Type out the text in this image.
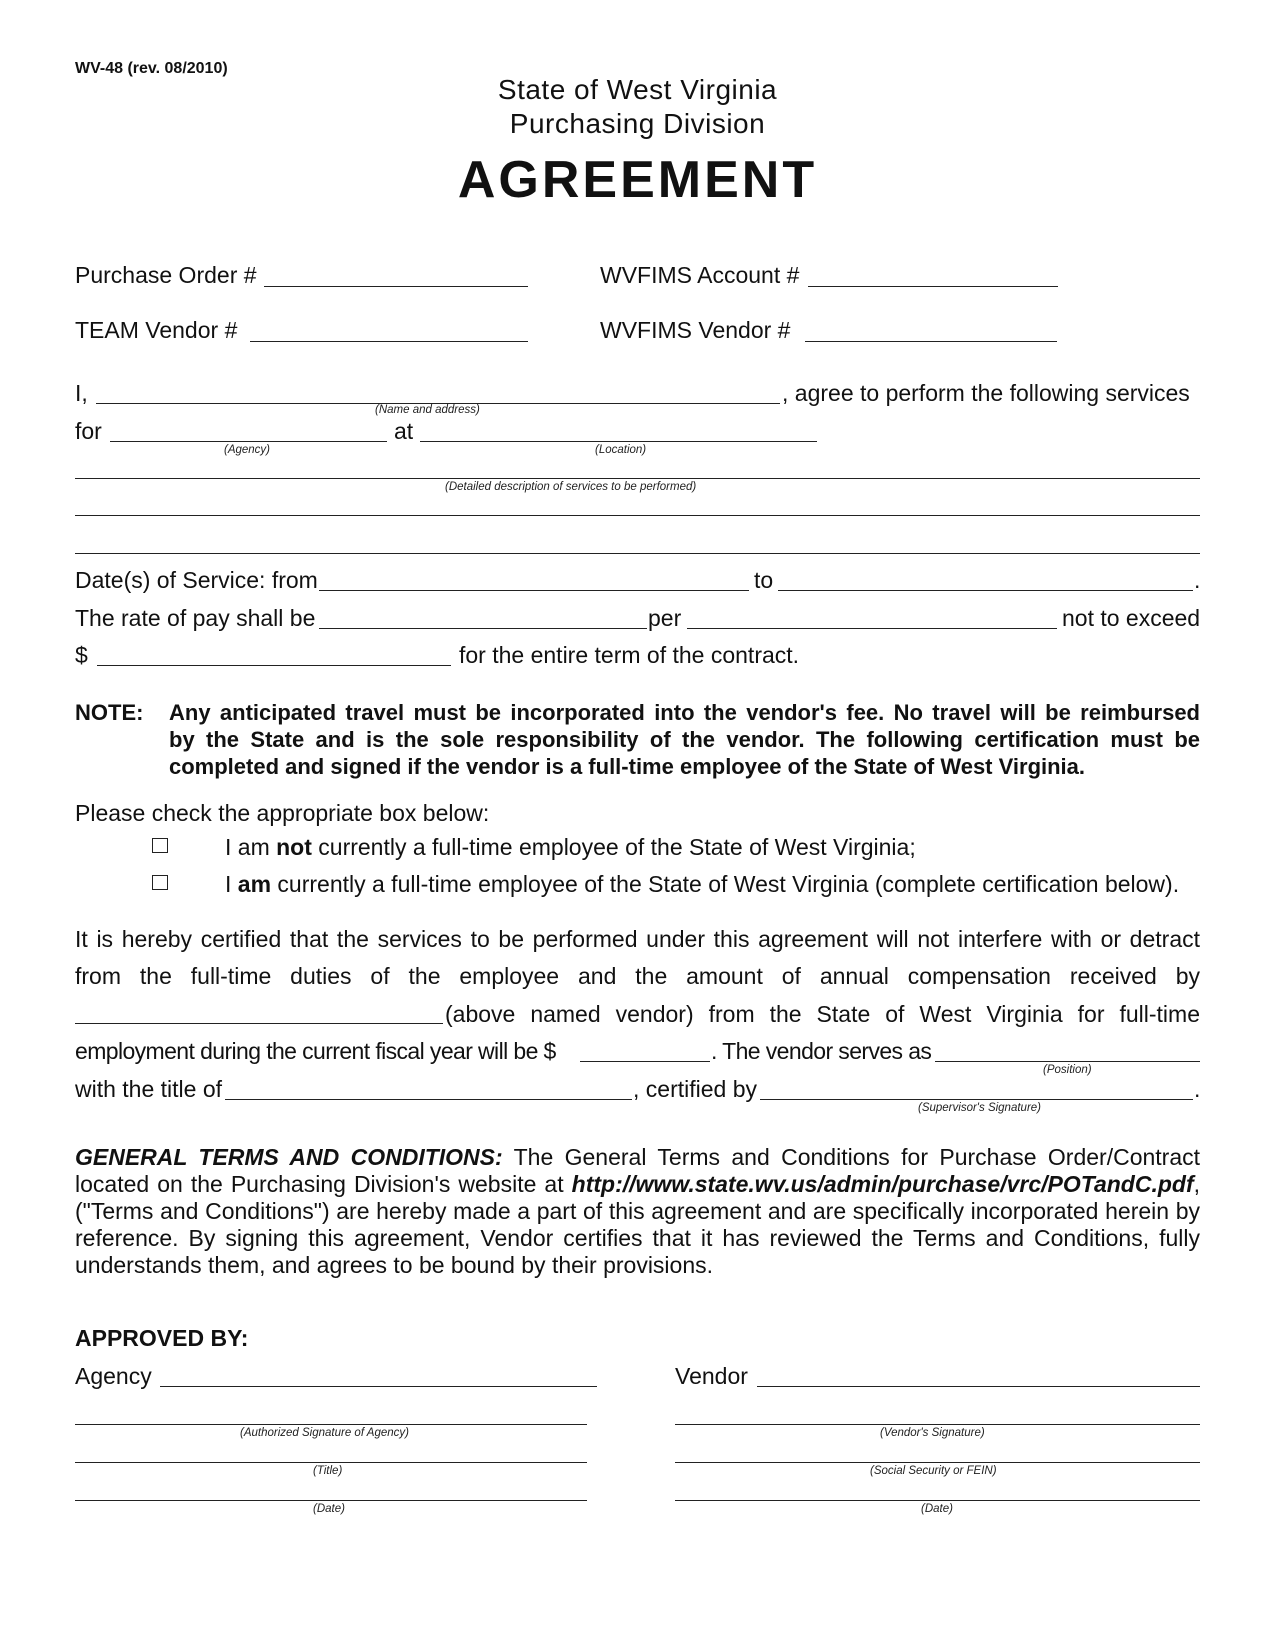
WV-48 (rev. 08/2010)
State of West Virginia
Purchasing Division
AGREEMENT
Purchase Order #	WVFIMS Account #
TEAM Vendor #	WVFIMS Vendor #
I,	, agree to perform the following services
(Name and address)
for	at
(Agency)	(Location)
(Detailed description of services to be performed)
Date(s) of Service: from	to	.
The rate of pay shall be	per	not to exceed
$	for the entire term of the contract.
NOTE: Any anticipated travel must be incorporated into the vendor's fee. No travel will be reimbursed
by the State and is the sole responsibility of the vendor. The following certification must be
completed and signed if the vendor is a full-time employee of the State of West Virginia.
Please check the appropriate box below:
I am not currently a full-time employee of the State of West Virginia;
I am currently a full-time employee of the State of West Virginia (complete certification below).
It is hereby certified that the services to be performed under this agreement will not interfere with or detract
from the full-time duties of the employee and the amount of annual compensation received by
(above named vendor) from the State of West Virginia for full-time
employment during the current fiscal year will be $	. The vendor serves as
(Position)
with the title of	, certified by	.
(Supervisor's Signature)
GENERAL TERMS AND CONDITIONS: The General Terms and Conditions for Purchase Order/Contract
located on the Purchasing Division's website at http://www.state.wv.us/admin/purchase/vrc/POTandC.pdf,
("Terms and Conditions") are hereby made a part of this agreement and are specifically incorporated herein by
reference. By signing this agreement, Vendor certifies that it has reviewed the Terms and Conditions, fully
understands them, and agrees to be bound by their provisions.
APPROVED BY:
Agency	Vendor
(Authorized Signature of Agency)	(Vendor's Signature)
(Title)	(Social Security or FEIN)
(Date)	(Date)
